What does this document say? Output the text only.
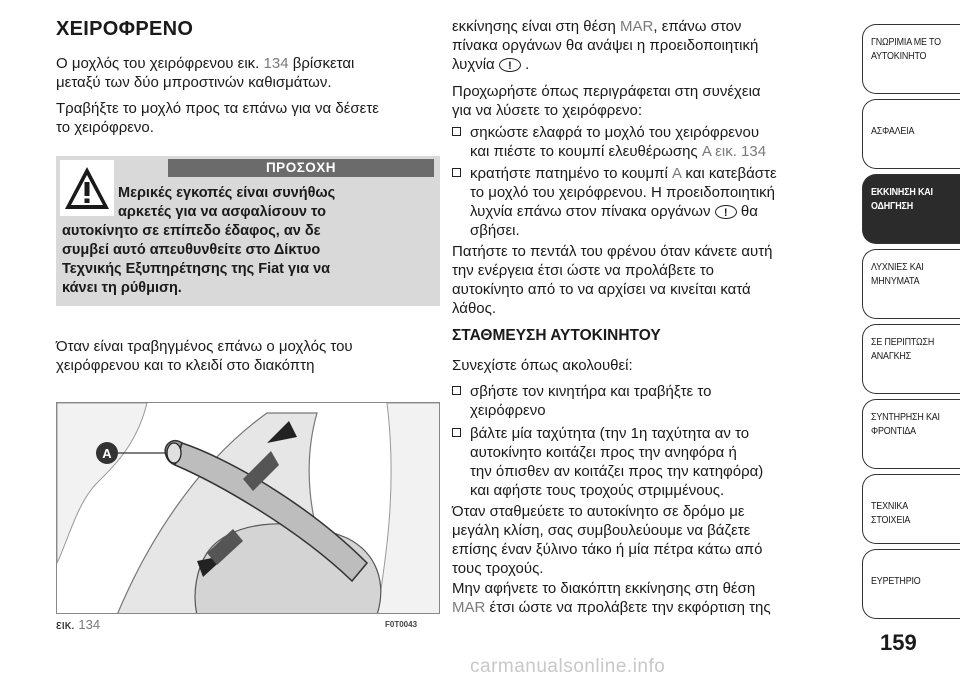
ΧΕΙΡΟΦΡΕΝΟ

Ο μοχλός του χειρόφρενου εικ. 134 βρίσκεται
μεταξύ των δύο μπροστινών καθισμάτων.

Τραβήξτε το μοχλό προς τα επάνω για να δέσετε
το χειρόφρενο.

ΠΡΟΣΟΧΗ
Μερικές εγκοπές είναι συνήθως
αρκετές για να ασφαλίσουν το
αυτοκίνητο σε επίπεδο έδαφος, αν δε
συμβεί αυτό απευθυνθείτε στο Δίκτυο
Τεχνικής Εξυπηρέτησης της Fiat για να
κάνει τη ρύθμιση.

Όταν είναι τραβηγμένος επάνω ο μοχλός του
χειρόφρενου και το κλειδί στο διακόπτη

A
εικ. 134	F0T0043

εκκίνησης είναι στη θέση MAR, επάνω στον
πίνακα οργάνων θα ανάψει η προειδοποιητική
λυχνία ! .

Προχωρήστε όπως περιγράφεται στη συνέχεια
για να λύσετε το χειρόφρενο:

σηκώστε ελαφρά το μοχλό του χειρόφρενου
και πιέστε το κουμπί ελευθέρωσης A εικ. 134
κρατήστε πατημένο το κουμπί A και κατεβάστε
το μοχλό του χειρόφρενου. Η προειδοποιητική
λυχνία επάνω στον πίνακα οργάνων ! θα
σβήσει.

Πατήστε το πεντάλ του φρένου όταν κάνετε αυτή
την ενέργεια έτσι ώστε να προλάβετε το
αυτοκίνητο από το να αρχίσει να κινείται κατά
λάθος.

ΣΤΑΘΜΕΥΣΗ ΑΥΤΟΚΙΝΗΤΟΥ

Συνεχίστε όπως ακολουθεί:

σβήστε τον κινητήρα και τραβήξτε το
χειρόφρενο
βάλτε μία ταχύτητα (την 1η ταχύτητα αν το
αυτοκίνητο κοιτάζει προς την ανηφόρα ή
την όπισθεν αν κοιτάζει προς την κατηφόρα)
και αφήστε τους τροχούς στριμμένους.

Όταν σταθμεύετε το αυτοκίνητο σε δρόμο με
μεγάλη κλίση, σας συμβουλεύουμε να βάζετε
επίσης έναν ξύλινο τάκο ή μία πέτρα κάτω από
τους τροχούς.

Μην αφήνετε το διακόπτη εκκίνησης στη θέση
MAR έτσι ώστε να προλάβετε την εκφόρτιση της

ΓΝΩΡΙΜΙΑ ΜΕ ΤΟ
ΑΥΤΟΚΙΝΗΤΟ
ΑΣΦΑΛΕΙΑ
ΕΚΚΙΝΗΣΗ ΚΑΙ
ΟΔΗΓΗΣΗ
ΛΥΧΝΙΕΣ ΚΑΙ
ΜΗΝΥΜΑΤΑ
ΣΕ ΠΕΡΙΠΤΩΣΗ
ΑΝΑΓΚΗΣ
ΣΥΝΤΗΡΗΣΗ ΚΑΙ
ΦΡΟΝΤΙΔΑ
ΤΕΧΝΙΚΑ ΣΤΟΙΧΕΙΑ
ΕΥΡΕΤΗΡΙΟ
159
carmanualsonline.info
